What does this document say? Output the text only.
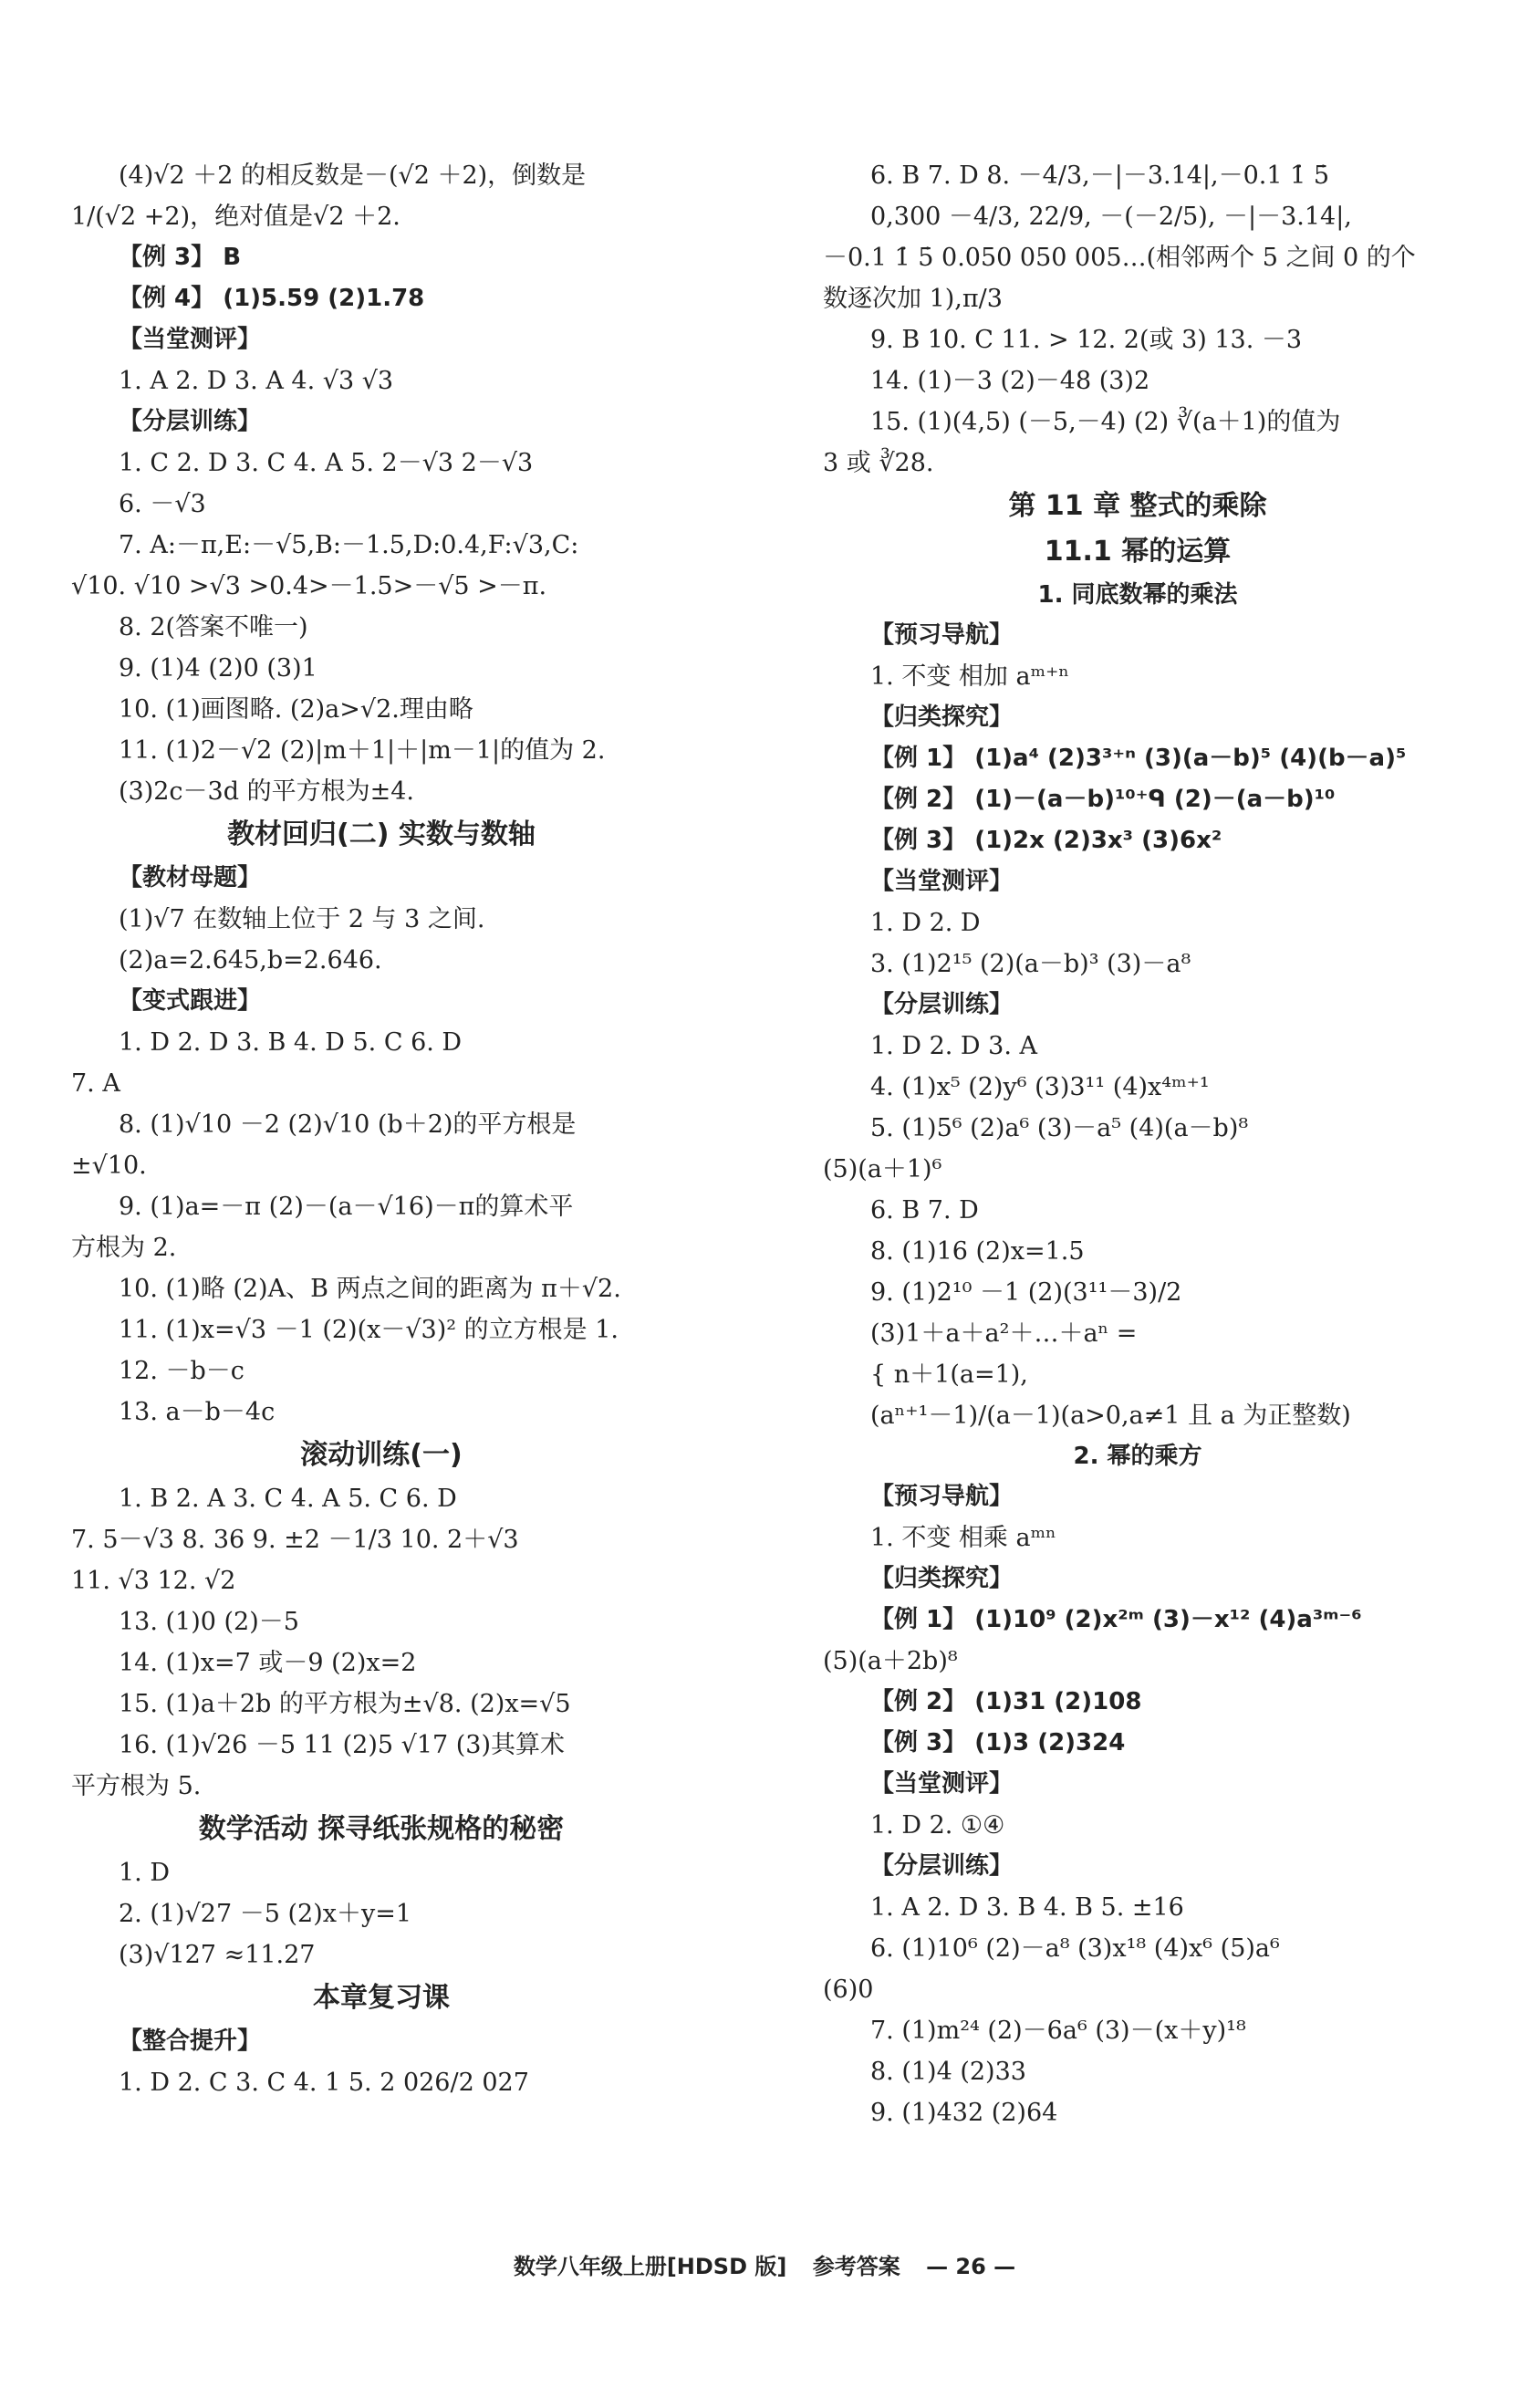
(4)√2 ＋2 的相反数是－(√2 ＋2)，倒数是
1/(√2 +2)，绝对值是√2 ＋2.
【例 3】 B
【例 4】 (1)5.59 (2)1.78
【当堂测评】
1. A 2. D 3. A 4. √3 √3
【分层训练】
1. C 2. D 3. C 4. A 5. 2－√3 2－√3
6. －√3
7. A:－π,E:－√5,B:－1.5,D:0.4,F:√3,C:
√10. √10 >√3 >0.4>－1.5>－√5 >－π.
8. 2(答案不唯一)
9. (1)4 (2)0 (3)1
10. (1)画图略. (2)a>√2.理由略
11. (1)2－√2 (2)|m＋1|＋|m－1|的值为 2.
(3)2c－3d 的平方根为±4.
教材回归(二) 实数与数轴
【教材母题】
(1)√7 在数轴上位于 2 与 3 之间.
(2)a=2.645,b=2.646.
【变式跟进】
1. D 2. D 3. B 4. D 5. C 6. D
7. A
8. (1)√10 －2 (2)√10 (b＋2)的平方根是
±√10.
9. (1)a=－π (2)－(a－√16)－π的算术平
方根为 2.
10. (1)略 (2)A、B 两点之间的距离为 π＋√2.
11. (1)x=√3 －1 (2)(x－√3)² 的立方根是 1.
12. －b－c
13. a－b－4c
滚动训练(一)
1. B 2. A 3. C 4. A 5. C 6. D
7. 5－√3 8. 36 9. ±2 －1/3 10. 2＋√3
11. √3 12. √2
13. (1)0 (2)－5
14. (1)x=7 或－9 (2)x=2
15. (1)a＋2b 的平方根为±√8. (2)x=√5
16. (1)√26 －5 11 (2)5 √17 (3)其算术
平方根为 5.
数学活动 探寻纸张规格的秘密
1. D
2. (1)√27 －5 (2)x＋y=1
(3)√127 ≈11.27
本章复习课
【整合提升】
1. D 2. C 3. C 4. 1 5. 2 026/2 027
6. B 7. D 8. －4/3,－|－3.14|,－0.1 1̇ 5̇
0,300 －4/3, 22/9, －(－2/5), －|－3.14|,
－0.1 1̇ 5̇ 0.050 050 005…(相邻两个 5 之间 0 的个
数逐次加 1),π/3
9. B 10. C 11. > 12. 2(或 3) 13. －3
14. (1)－3 (2)－48 (3)2
15. (1)(4,5) (－5,－4) (2) ∛(a＋1)的值为
3 或 ∛28.
第 11 章 整式的乘除
11.1 幂的运算
1. 同底数幂的乘法
【预习导航】
1. 不变 相加 aᵐ⁺ⁿ
【归类探究】
【例 1】 (1)a⁴ (2)3³⁺ⁿ (3)(a－b)⁵ (4)(b－a)⁵
【例 2】 (1)－(a－b)¹⁰⁺ᑫ (2)－(a－b)¹⁰
【例 3】 (1)2x (2)3x³ (3)6x²
【当堂测评】
1. D 2. D
3. (1)2¹⁵ (2)(a－b)³ (3)－a⁸
【分层训练】
1. D 2. D 3. A
4. (1)x⁵ (2)y⁶ (3)3¹¹ (4)x⁴ᵐ⁺¹
5. (1)5⁶ (2)a⁶ (3)－a⁵ (4)(a－b)⁸
(5)(a＋1)⁶
6. B 7. D
8. (1)16 (2)x=1.5
9. (1)2¹⁰ －1 (2)(3¹¹－3)/2
(3)1＋a＋a²＋…＋aⁿ =
{ n＋1(a=1),
(aⁿ⁺¹－1)/(a－1)(a>0,a≠1 且 a 为正整数)
2. 幂的乘方
【预习导航】
1. 不变 相乘 aᵐⁿ
【归类探究】
【例 1】 (1)10⁹ (2)x²ᵐ (3)－x¹² (4)a³ᵐ⁻⁶
(5)(a＋2b)⁸
【例 2】 (1)31 (2)108
【例 3】 (1)3 (2)324
【当堂测评】
1. D 2. ①④
【分层训练】
1. A 2. D 3. B 4. B 5. ±16
6. (1)10⁶ (2)－a⁸ (3)x¹⁸ (4)x⁶ (5)a⁶
(6)0
7. (1)m²⁴ (2)－6a⁶ (3)－(x＋y)¹⁸
8. (1)4 (2)33
9. (1)432 (2)64
数学八年级上册[HDSD 版] 参考答案 — 26 —
